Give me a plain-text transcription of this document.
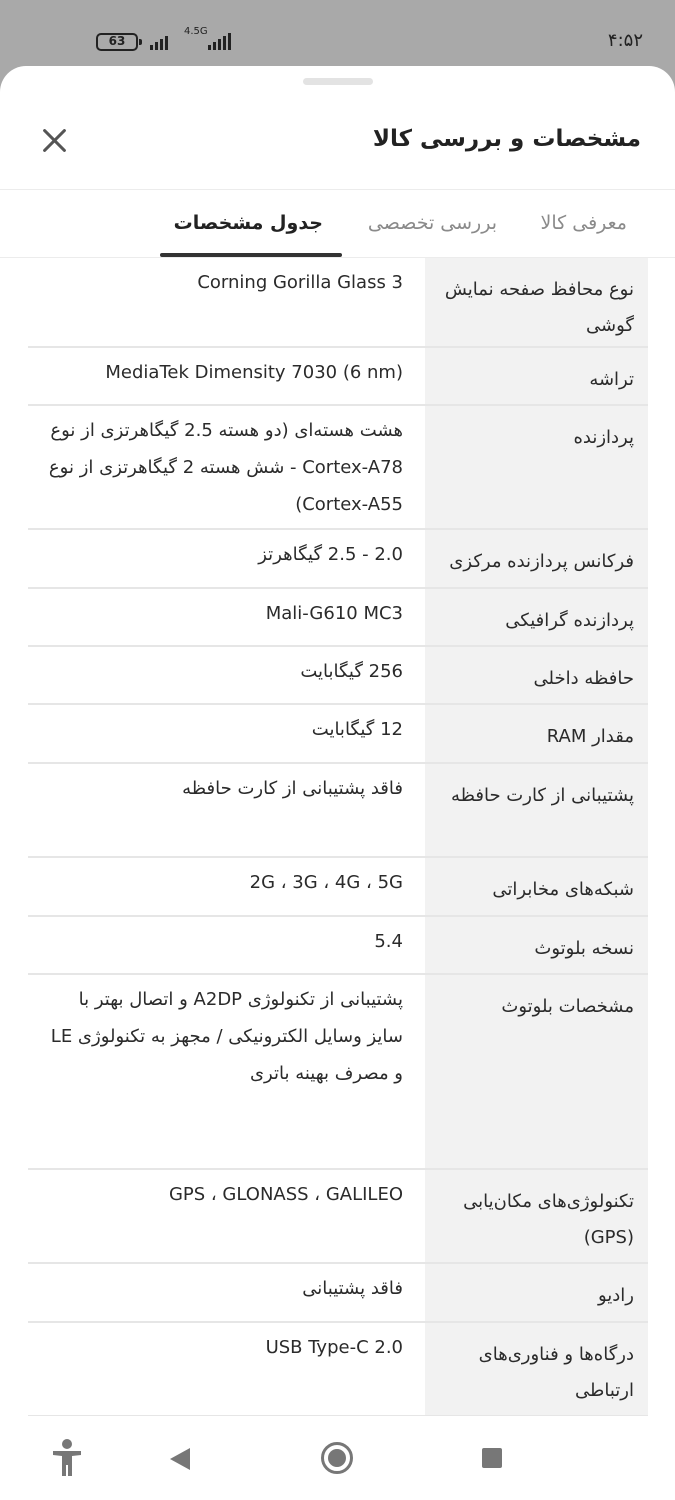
63
4.5G	۴:۵۲
مشخصات و بررسی کالا
معرفی کالا
بررسی تخصصی
جدول مشخصات
نوع محافظ صفحه نمایش گوشی
Corning Gorilla Glass 3
تراشه
MediaTek Dimensity 7030 (6 nm)
پردازنده
هشت هسته‌ای (دو هسته 2.5 گیگاهرتزی از نوع Cortex-A78 - شش هسته 2 گیگاهرتزی از نوع Cortex-A55)
فرکانس پردازنده مرکزی
2.0 - 2.5 گیگاهرتز
پردازنده گرافیکی
Mali-G610 MC3
حافظه داخلی
256 گیگابایت
مقدار RAM
12 گیگابایت
پشتیبانی از کارت حافظه
فاقد پشتیبانی از کارت حافظه
شبکه‌های مخابراتی
2G ، 3G ، 4G ، 5G
نسخه بلوتوث
5.4
مشخصات بلوتوث
پشتیبانی از تکنولوژی A2DP و اتصال بهتر با سایز وسایل الکترونیکی / مجهز به تکنولوژی LE و مصرف بهینه باتری
تکنولوژی‌های مکان‌یابی (GPS)
GPS ، GLONASS ، GALILEO
رادیو
فاقد پشتیبانی
درگاه‌ها و فناوری‌های ارتباطی
USB Type-C 2.0
